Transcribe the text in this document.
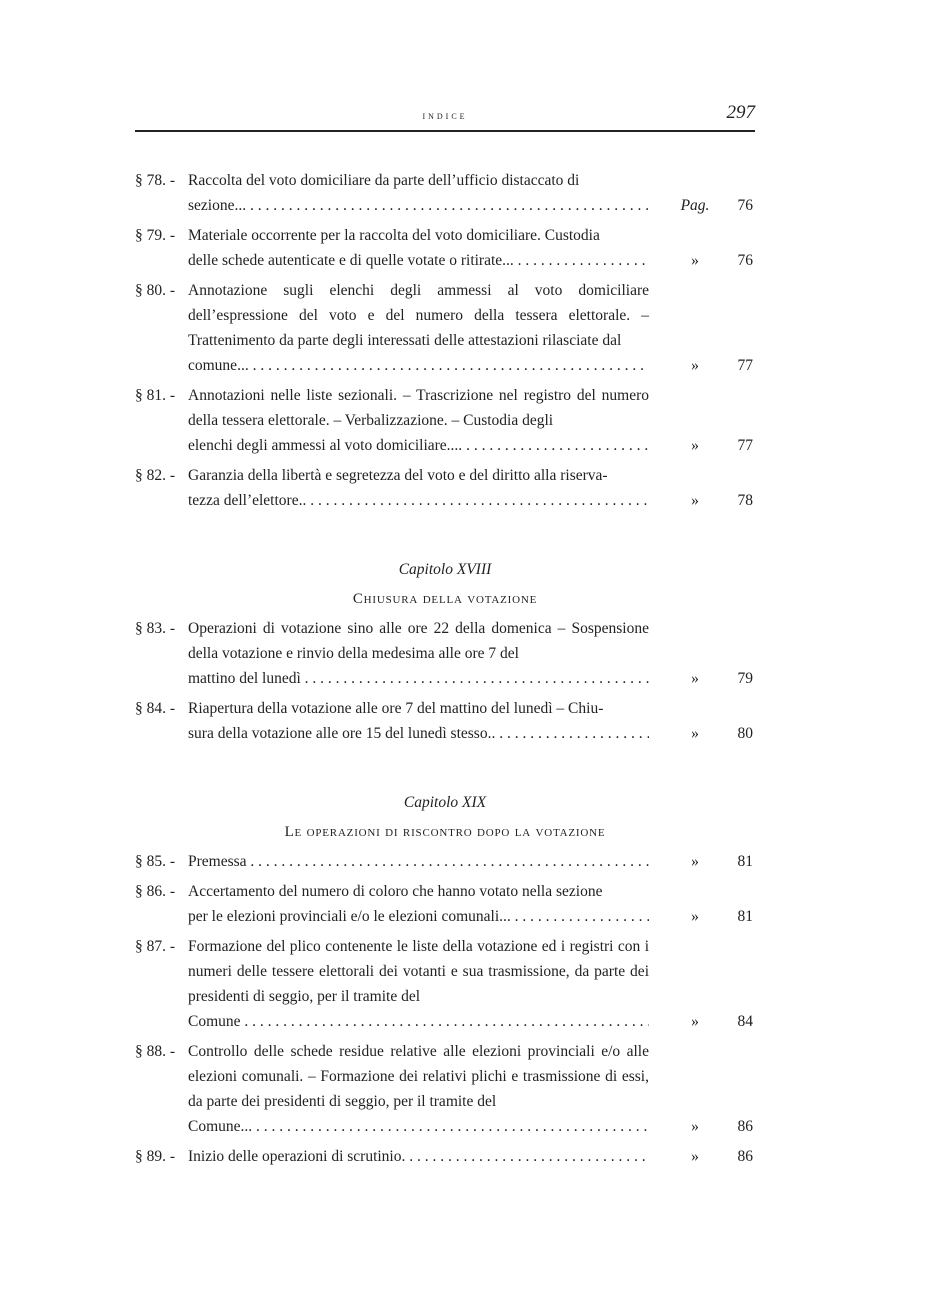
indice	297
§ 78. - Raccolta del voto domiciliare da parte dell’ufficio distaccato di
sezione... . . .	Pag.	76
§ 79. - Materiale occorrente per la raccolta del voto domiciliare. Custodia
delle schede autenticate e di quelle votate o ritirate... . . .	»	76
§ 80. - Annotazione sugli elenchi degli ammessi al voto domiciliare dell’espressione del voto e del numero della tessera elettorale. – Trattenimento da parte degli interessati delle attestazioni rilasciate dal
comune... . . .	»	77
§ 81. - Annotazioni nelle liste sezionali. – Trascrizione nel registro del numero della tessera elettorale. – Verbalizzazione. – Custodia degli
elenchi degli ammessi al voto domiciliare.... . . .	»	77
§ 82. - Garanzia della libertà e segretezza del voto e del diritto alla riserva-
tezza dell’elettore.. . . .	»	78
Capitolo XVIII
Chiusura della votazione
§ 83. - Operazioni di votazione sino alle ore 22 della domenica – Sospensione della votazione e rinvio della medesima alle ore 7 del
mattino del lunedì . . .	»	79
§ 84. - Riapertura della votazione alle ore 7 del mattino del lunedì – Chiu-
sura della votazione alle ore 15 del lunedì stesso.. . . .	»	80
Capitolo XIX
Le operazioni di riscontro dopo la votazione
§ 85. - Premessa . . .	»	81
§ 86. - Accertamento del numero di coloro che hanno votato nella sezione
per le elezioni provinciali e/o le elezioni comunali... . . .	»	81
§ 87. - Formazione del plico contenente le liste della votazione ed i registri con i numeri delle tessere elettorali dei votanti e sua trasmissione, da parte dei presidenti di seggio, per il tramite del
Comune . . .	»	84
§ 88. - Controllo delle schede residue relative alle elezioni provinciali e/o alle elezioni comunali. – Formazione dei relativi plichi e trasmissione di essi, da parte dei presidenti di seggio, per il tramite del
Comune... . . .	»	86
§ 89. - Inizio delle operazioni di scrutinio. . . .	»	86
